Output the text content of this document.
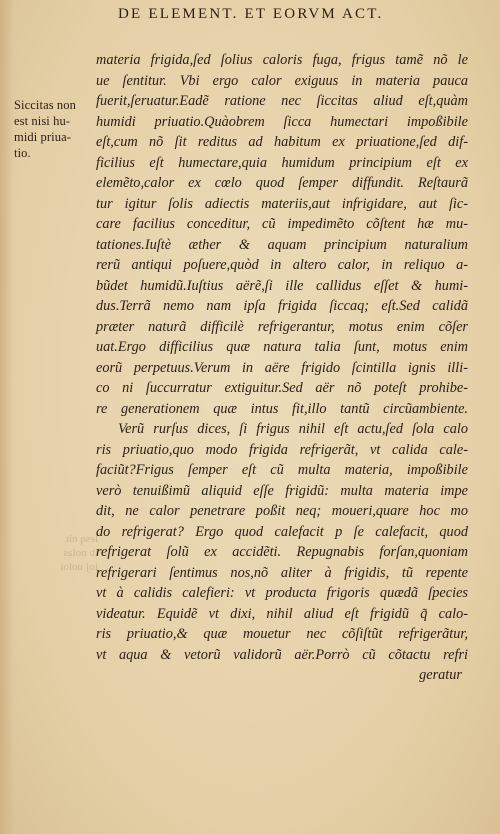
DE ELEMENT. ET EORVM ACT.
Siccitas non
est nisi hu-
midi priua-
tio.
lesq nit
ib nolas
ioʃ uoloi
materia frigida,ſed ſolius caloris fuga, frigus tamẽ nõ le
ue ſentitur. Vbi ergo calor exiguus in materia pauca
fuerit,ſeruatur.Eadẽ ratione nec ſiccitas aliud eſt,quàm
humidi priuatio.Quàobrem ſicca humectari impoßibile
eſt,cum nõ ſit reditus ad habitum ex priuatione,ſed dif-
ficilius eſt humectare,quia humidum principium eſt ex
elemẽto,calor ex cœlo quod ſemper diffundit. Reſtaurã
tur igitur ſolis adiectis materiis,aut infrigidare, aut ſic-
care facilius conceditur, cũ impedimẽto cõſtent hæ mu-
tationes.Iuſtè æther & aquam principium naturalium
rerũ antiqui poſuere,quòd in altero calor, in reliquo a-
bũdet humidũ.Iuſtius aërẽ,ſi ille callidus eſſet & humi-
dus.Terrã nemo nam ipſa frigida ſiccaq; eſt.Sed calidã
præter naturã difficilè refrigerantur, motus enim cõſer
uat.Ergo difficilius quæ natura talia ſunt, motus enim
eorũ perpetuus.Verum in aëre frigido ſcintilla ignis illi-
co ni ſuccurratur extiguitur.Sed aër nõ poteſt prohibe-
re generationem quæ intus fit,illo tantũ circũambiente.
Verũ rurſus dices, ſi frigus nihil eſt actu,ſed ſola calo
ris priuatio,quo modo frigida refrigerãt, vt calida cale-
faciũt?Frigus ſemper eſt cũ multa materia, impoßibile
verò tenuißimũ aliquid eſſe frigidũ: multa materia impe
dit, ne calor penetrare poßit neq; moueri,quare hoc mo
do refrigerat? Ergo quod calefacit p ſe calefacit, quod
refrigerat ſolũ ex accidẽti. Repugnabis forſan,quoniam
refrigerari ſentimus nos,nõ aliter à frigidis, tũ repente
vt à calidis calefieri: vt producta frigoris quædã ſpecies
videatur. Equidẽ vt dixi, nihil aliud eſt frigidũ q̃ calo-
ris priuatio,& quæ mouetur nec cõſiſtũt refrigerãtur,
vt aqua & vetorũ validorũ aër.Porrò cũ cõtactu refri
geratur
